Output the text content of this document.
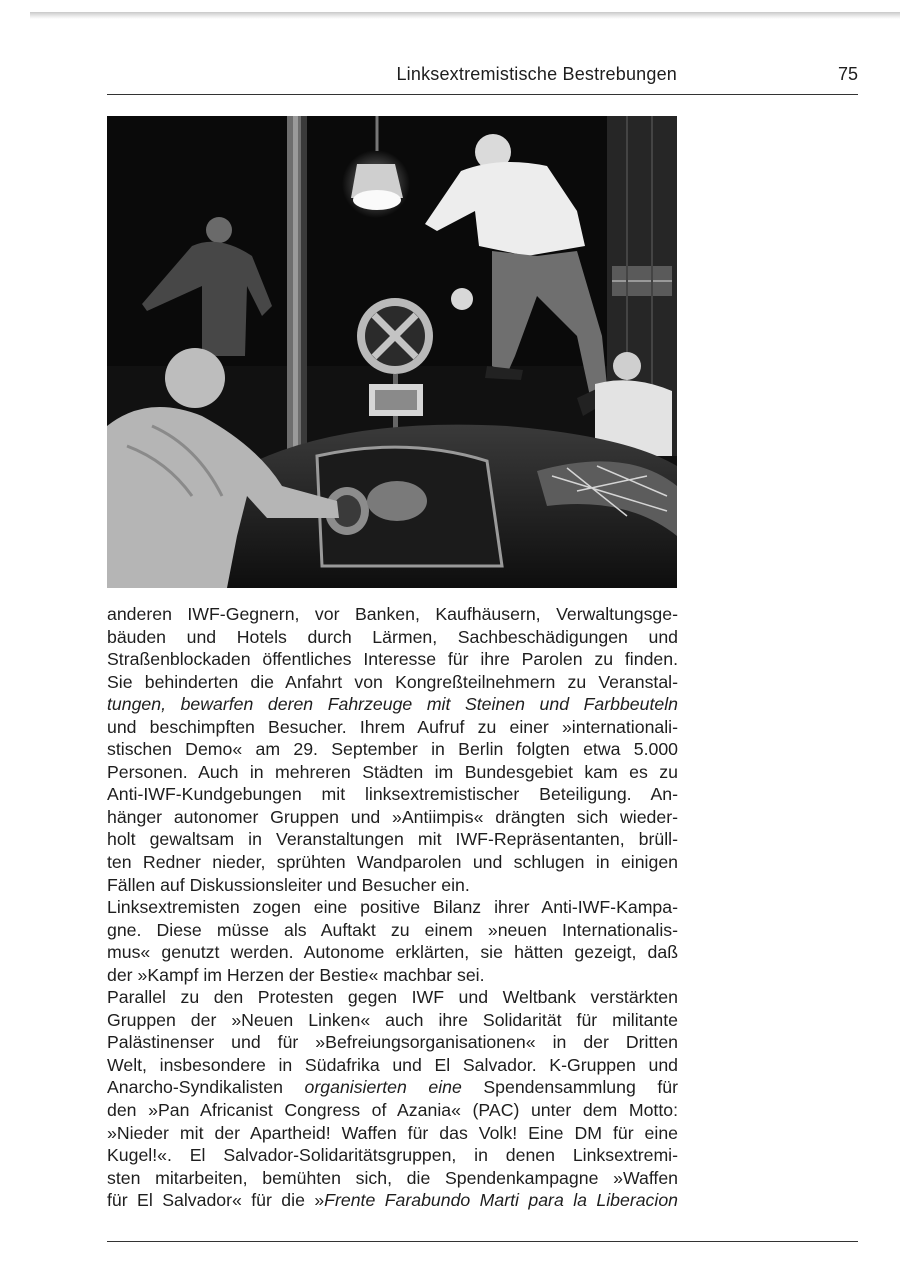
Linksextremistische Bestrebungen	75
anderen IWF-Gegnern, vor Banken, Kaufhäusern, Verwaltungsge-
bäuden und Hotels durch Lärmen, Sachbeschädigungen und
Straßenblockaden öffentliches Interesse für ihre Parolen zu finden.
Sie behinderten die Anfahrt von Kongreßteilnehmern zu Veranstal-
tungen, bewarfen deren Fahrzeuge mit Steinen und Farbbeuteln
und beschimpften Besucher. Ihrem Aufruf zu einer »internationali-
stischen Demo« am 29. September in Berlin folgten etwa 5.000
Personen. Auch in mehreren Städten im Bundesgebiet kam es zu
Anti-IWF-Kundgebungen mit linksextremistischer Beteiligung. An-
hänger autonomer Gruppen und »Antiimpis« drängten sich wieder-
holt gewaltsam in Veranstaltungen mit IWF-Repräsentanten, brüll-
ten Redner nieder, sprühten Wandparolen und schlugen in einigen
Fällen auf Diskussionsleiter und Besucher ein.
Linksextremisten zogen eine positive Bilanz ihrer Anti-IWF-Kampa-
gne. Diese müsse als Auftakt zu einem »neuen Internationalis-
mus« genutzt werden. Autonome erklärten, sie hätten gezeigt, daß
der »Kampf im Herzen der Bestie« machbar sei.
Parallel zu den Protesten gegen IWF und Weltbank verstärkten
Gruppen der »Neuen Linken« auch ihre Solidarität für militante
Palästinenser und für »Befreiungsorganisationen« in der Dritten
Welt, insbesondere in Südafrika und El Salvador. K-Gruppen und
Anarcho-Syndikalisten organisierten eine Spendensammlung für
den »Pan Africanist Congress of Azania« (PAC) unter dem Motto:
»Nieder mit der Apartheid! Waffen für das Volk! Eine DM für eine
Kugel!«. El Salvador-Solidaritätsgruppen, in denen Linksextremi-
sten mitarbeiten, bemühten sich, die Spendenkampagne »Waffen
für El Salvador« für die »Frente Farabundo Marti para la Liberacion
